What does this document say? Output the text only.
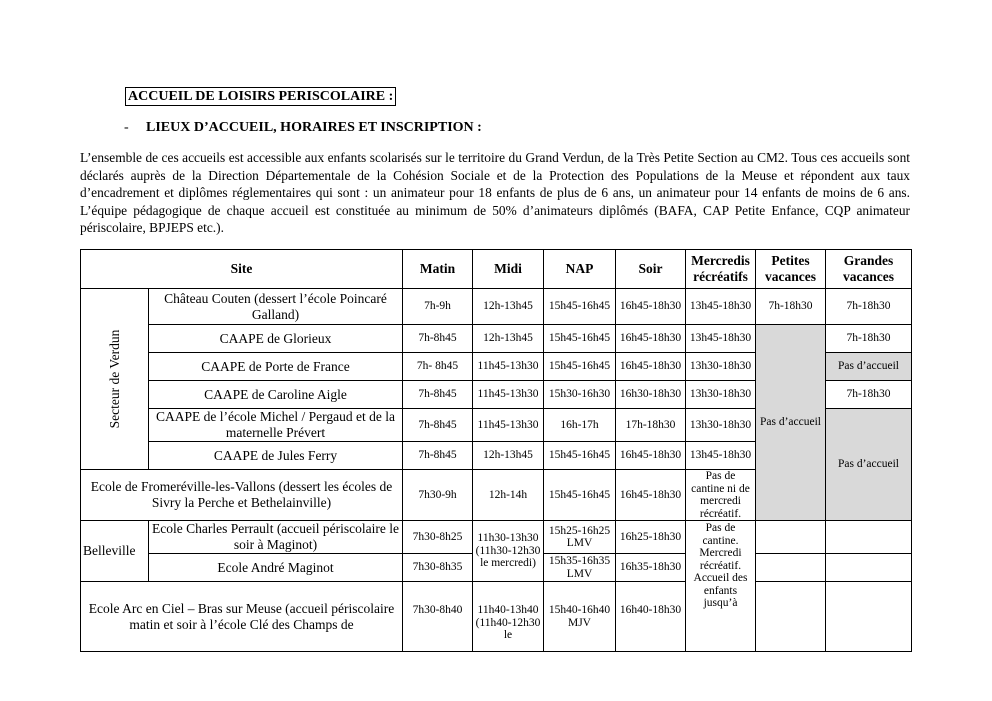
ACCUEIL DE LOISIRS PERISCOLAIRE :
- LIEUX D’ACCUEIL, HORAIRES ET INSCRIPTION :

L’ensemble de ces accueils est accessible aux enfants scolarisés sur le territoire du Grand Verdun, de la Très Petite Section au CM2. Tous ces accueils sont déclarés auprès de la Direction Départementale de la Cohésion Sociale et de la Protection des Populations de la Meuse et répondent aux taux d’encadrement et diplômes réglementaires qui sont : un animateur pour 18 enfants de plus de 6 ans, un animateur pour 14 enfants de moins de 6 ans. L’équipe pédagogique de chaque accueil est constituée au minimum de 50% d’animateurs diplômés (BAFA, CAP Petite Enfance, CQP animateur périscolaire, BPJEPS etc.).

Site		Matin	Midi	NAP	Soir	Mercredis récréatifs	Petites vacances	Grandes vacances

Secteur de Verdun	Château Couten (dessert l’école Poincaré Galland)	7h-9h	12h-13h45	15h45-16h45	16h45-18h30	13h45-18h30	7h-18h30	7h-18h30
	CAAPE de Glorieux	7h-8h45	12h-13h45	15h45-16h45	16h45-18h30	13h45-18h30	Pas d’accueil	7h-18h30
	CAAPE de Porte de France	7h- 8h45	11h45-13h30	15h45-16h45	16h45-18h30	13h30-18h30		Pas d’accueil
	CAAPE de Caroline Aigle	7h-8h45	11h45-13h30	15h30-16h30	16h30-18h30	13h30-18h30		7h-18h30
	CAAPE de l’école Michel / Pergaud et de la maternelle Prévert	7h-8h45	11h45-13h30	16h-17h	17h-18h30	13h30-18h30		Pas d’accueil
	CAAPE de Jules Ferry	7h-8h45	12h-13h45	15h45-16h45	16h45-18h30	13h45-18h30		
Ecole de Fromeréville-les-Vallons (dessert les écoles de Sivry la Perche et Bethelainville)		7h30-9h	12h-14h	15h45-16h45	16h45-18h30	Pas de cantine ni de mercredi récréatif.		
Belleville	Ecole Charles Perrault (accueil périscolaire le soir à Maginot)	7h30-8h25	11h30-13h30 (11h30-12h30 le mercredi)	15h25-16h25 LMV	16h25-18h30	Pas de cantine. Mercredi récréatif. Accueil des enfants jusqu’à		
	Ecole André Maginot	7h30-8h35		15h35-16h35 LMV	16h35-18h30			
Ecole Arc en Ciel – Bras sur Meuse (accueil périscolaire matin et soir à l’école Clé des Champs de		7h30-8h40	11h40-13h40 (11h40-12h30 le	15h40-16h40 MJV	16h40-18h30			
